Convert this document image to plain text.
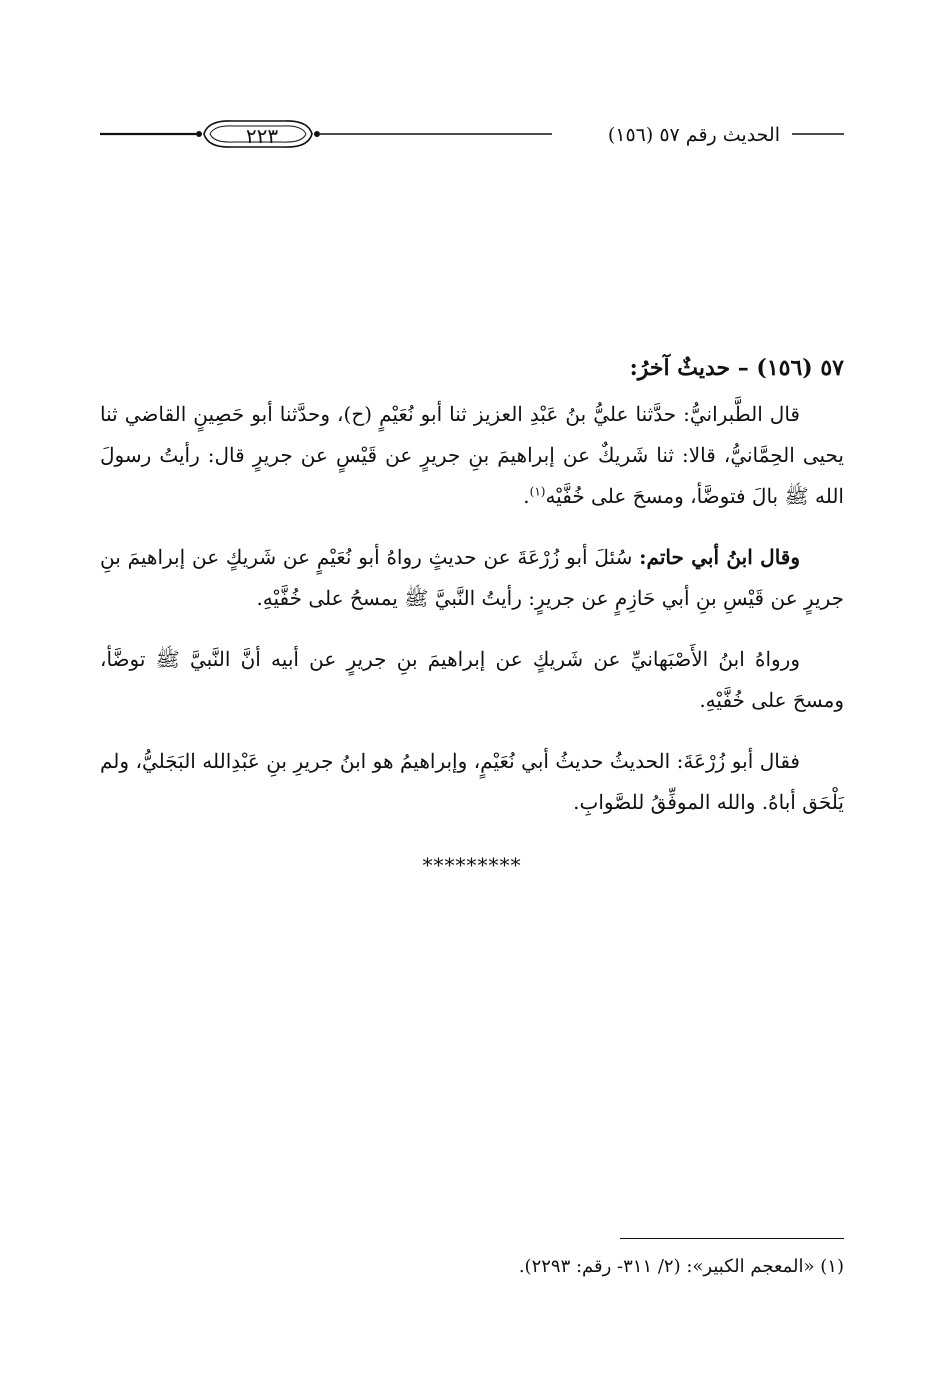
٢٢٣	الحديث رقم ٥٧ (١٥٦)
٥٧ (١٥٦) – حديثٌ آخرُ:

قال الطَّبرانيُّ: حدَّثنا عليُّ بنُ عَبْدِ العزيز ثنا أبو نُعَيْمٍ (ح)، وحدَّثنا أبو حَصِينٍ القاضي ثنا يحيى الحِمَّانيُّ، قالا: ثنا شَريكٌ عن إبراهيمَ بنِ جريرٍ عن قَيْسٍ عن جريرٍ قال: رأيتُ رسولَ الله ﷺ بالَ فتوضَّأ، ومسحَ على خُفَّيْه$^{(١)}$.

وقال ابنُ أبي حاتم: سُئلَ أبو زُرْعَةَ عن حديثٍ رواهُ أبو نُعَيْمٍ عن شَريكٍ عن إبراهيمَ بنِ جريرٍ عن قَيْسِ بنِ أبي حَازِمٍ عن جريرٍ: رأيتُ النَّبيَّ ﷺ يمسحُ على خُفَّيْهِ.

ورواهُ ابنُ الأَصْبَهانيِّ عن شَريكٍ عن إبراهيمَ بنِ جريرٍ عن أبيه أنَّ النَّبيَّ ﷺ توضَّأ، ومسحَ على خُفَّيْهِ.

فقال أبو زُرْعَةَ: الحديثُ حديثُ أبي نُعَيْمٍ، وإبراهيمُ هو ابنُ جريرِ بنِ عَبْدِالله البَجَليُّ، ولم يَلْحَق أباهُ. والله الموفِّقُ للصَّوابِ.

*********
(١) «المعجم الكبير»: (٢/ ٣١١- رقم: ٢٢٩٣).
